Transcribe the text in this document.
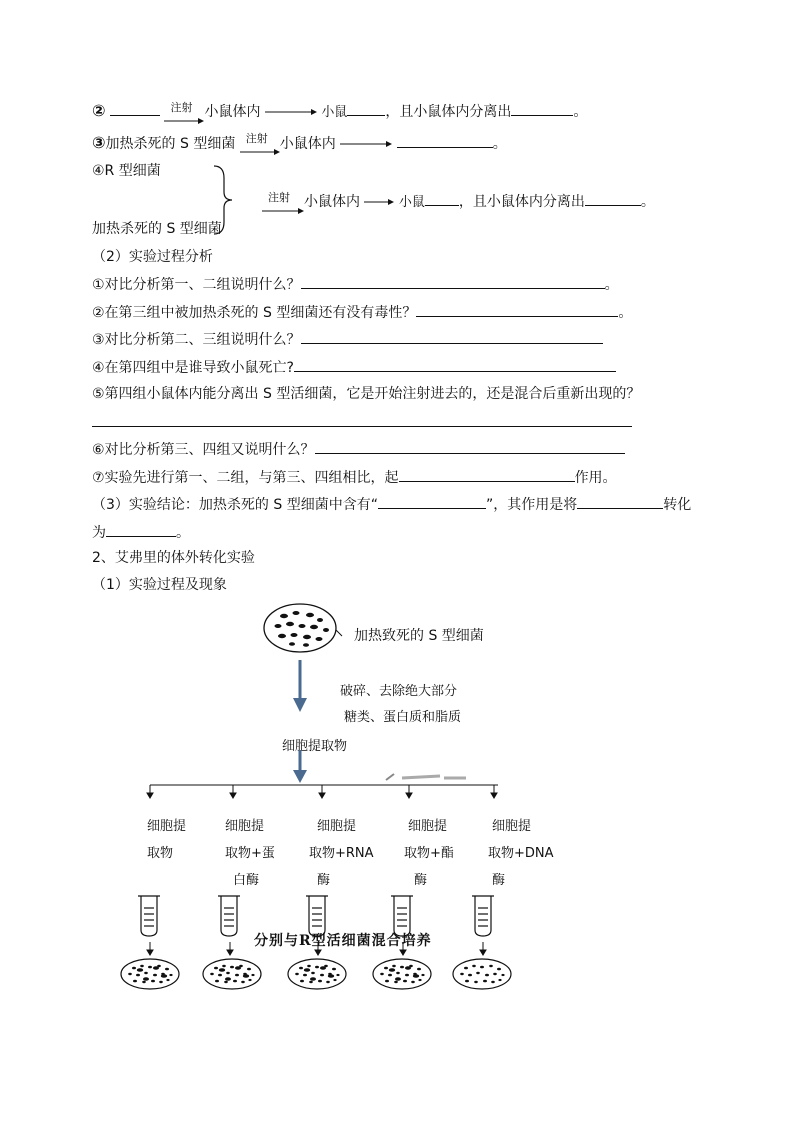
②	注射 小鼠体内	小鼠	，且小鼠体内分离出	。
③加热杀死的 S 型细菌 注射 小鼠体内	。
④R 型细菌
加热杀死的 S 型细菌
注射 小鼠体内	小鼠 ，且小鼠体内分离出	。
（2）实验过程分析
①对比分析第一、二组说明什么？	。
②在第三组中被加热杀死的 S 型细菌还有没有毒性？	。
③对比分析第二、三组说明什么？
④在第四组中是谁导致小鼠死亡?
⑤第四组小鼠体内能分离出 S 型活细菌，它是开始注射进去的，还是混合后重新出现的？
⑥对比分析第三、四组又说明什么？
⑦实验先进行第一、二组，与第三、四组相比，起	作用。
（3）实验结论：加热杀死的 S 型细菌中含有“	”，其作用是将	转化
为	。
2、艾弗里的体外转化实验
（1）实验过程及现象
加热致死的 S 型细菌
破碎、去除绝大部分
糖类、蛋白质和脂质
细胞提取物
细胞提
取物
细胞提
取物+蛋
白酶
细胞提
取物+RNA
酶
细胞提
取物+酯
酶
细胞提
取物+DNA
酶
分别与R型活细菌混合培养
